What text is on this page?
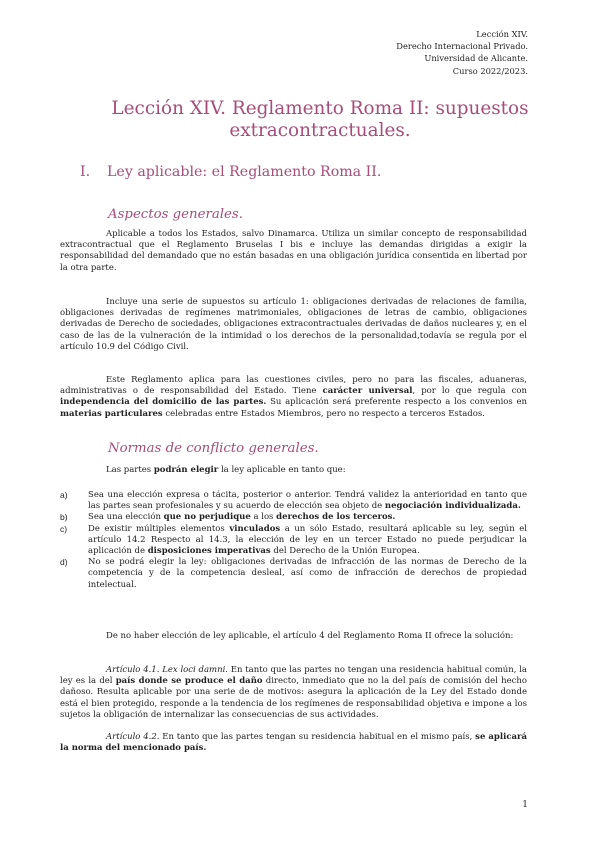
Lección XIV.
Derecho Internacional Privado.
Universidad de Alicante.
Curso 2022/2023.
Lección XIV. Reglamento Roma II: supuestos extracontractuales.
I. Ley aplicable: el Reglamento Roma II.
Aspectos generales.
Aplicable a todos los Estados, salvo Dinamarca. Utiliza un similar concepto de responsabilidad extracontractual que el Reglamento Bruselas I bis e incluye las demandas dirigidas a exigir la responsabilidad del demandado que no están basadas en una obligación jurídica consentida en libertad por la otra parte.
Incluye una serie de supuestos su artículo 1: obligaciones derivadas de relaciones de familia, obligaciones derivadas de regímenes matrimoniales, obligaciones de letras de cambio, obligaciones derivadas de Derecho de sociedades, obligaciones extracontractuales derivadas de daños nucleares y, en el caso de las de la vulneración de la intimidad o los derechos de la personalidad,todavía se regula por el artículo 10.9 del Código Civil.
Este Reglamento aplica para las cuestiones civiles, pero no para las fiscales, aduaneras, administrativas o de responsabilidad del Estado. Tiene carácter universal, por lo que regula con independencia del domicilio de las partes. Su aplicación será preferente respecto a los convenios en materias particulares celebradas entre Estados Miembros, pero no respecto a terceros Estados.
Normas de conflicto generales.
Las partes podrán elegir la ley aplicable en tanto que:
a) Sea una elección expresa o tácita, posterior o anterior. Tendrá validez la anterioridad en tanto que las partes sean profesionales y su acuerdo de elección sea objeto de negociación individualizada.
b) Sea una elección que no perjudique a los derechos de los terceros.
c) De existir múltiples elementos vinculados a un sólo Estado, resultará aplicable su ley, según el artículo 14.2 Respecto al 14.3, la elección de ley en un tercer Estado no puede perjudicar la aplicación de disposiciones imperativas del Derecho de la Unión Europea.
d) No se podrá elegir la ley: obligaciones derivadas de infracción de las normas de Derecho de la competencia y de la competencia desleal, así como de infracción de derechos de propiedad intelectual.
De no haber elección de ley aplicable, el artículo 4 del Reglamento Roma II ofrece la solución:
Artículo 4.1. Lex loci damni. En tanto que las partes no tengan una residencia habitual común, la ley es la del país donde se produce el daño directo, inmediato que no la del país de comisión del hecho dañoso. Resulta aplicable por una serie de de motivos: asegura la aplicación de la Ley del Estado donde está el bien protegido, responde a la tendencia de los regímenes de responsabilidad objetiva e impone a los sujetos la obligación de internalizar las consecuencias de sus actividades.
Artículo 4.2. En tanto que las partes tengan su residencia habitual en el mismo país, se aplicará la norma del mencionado país.
1
